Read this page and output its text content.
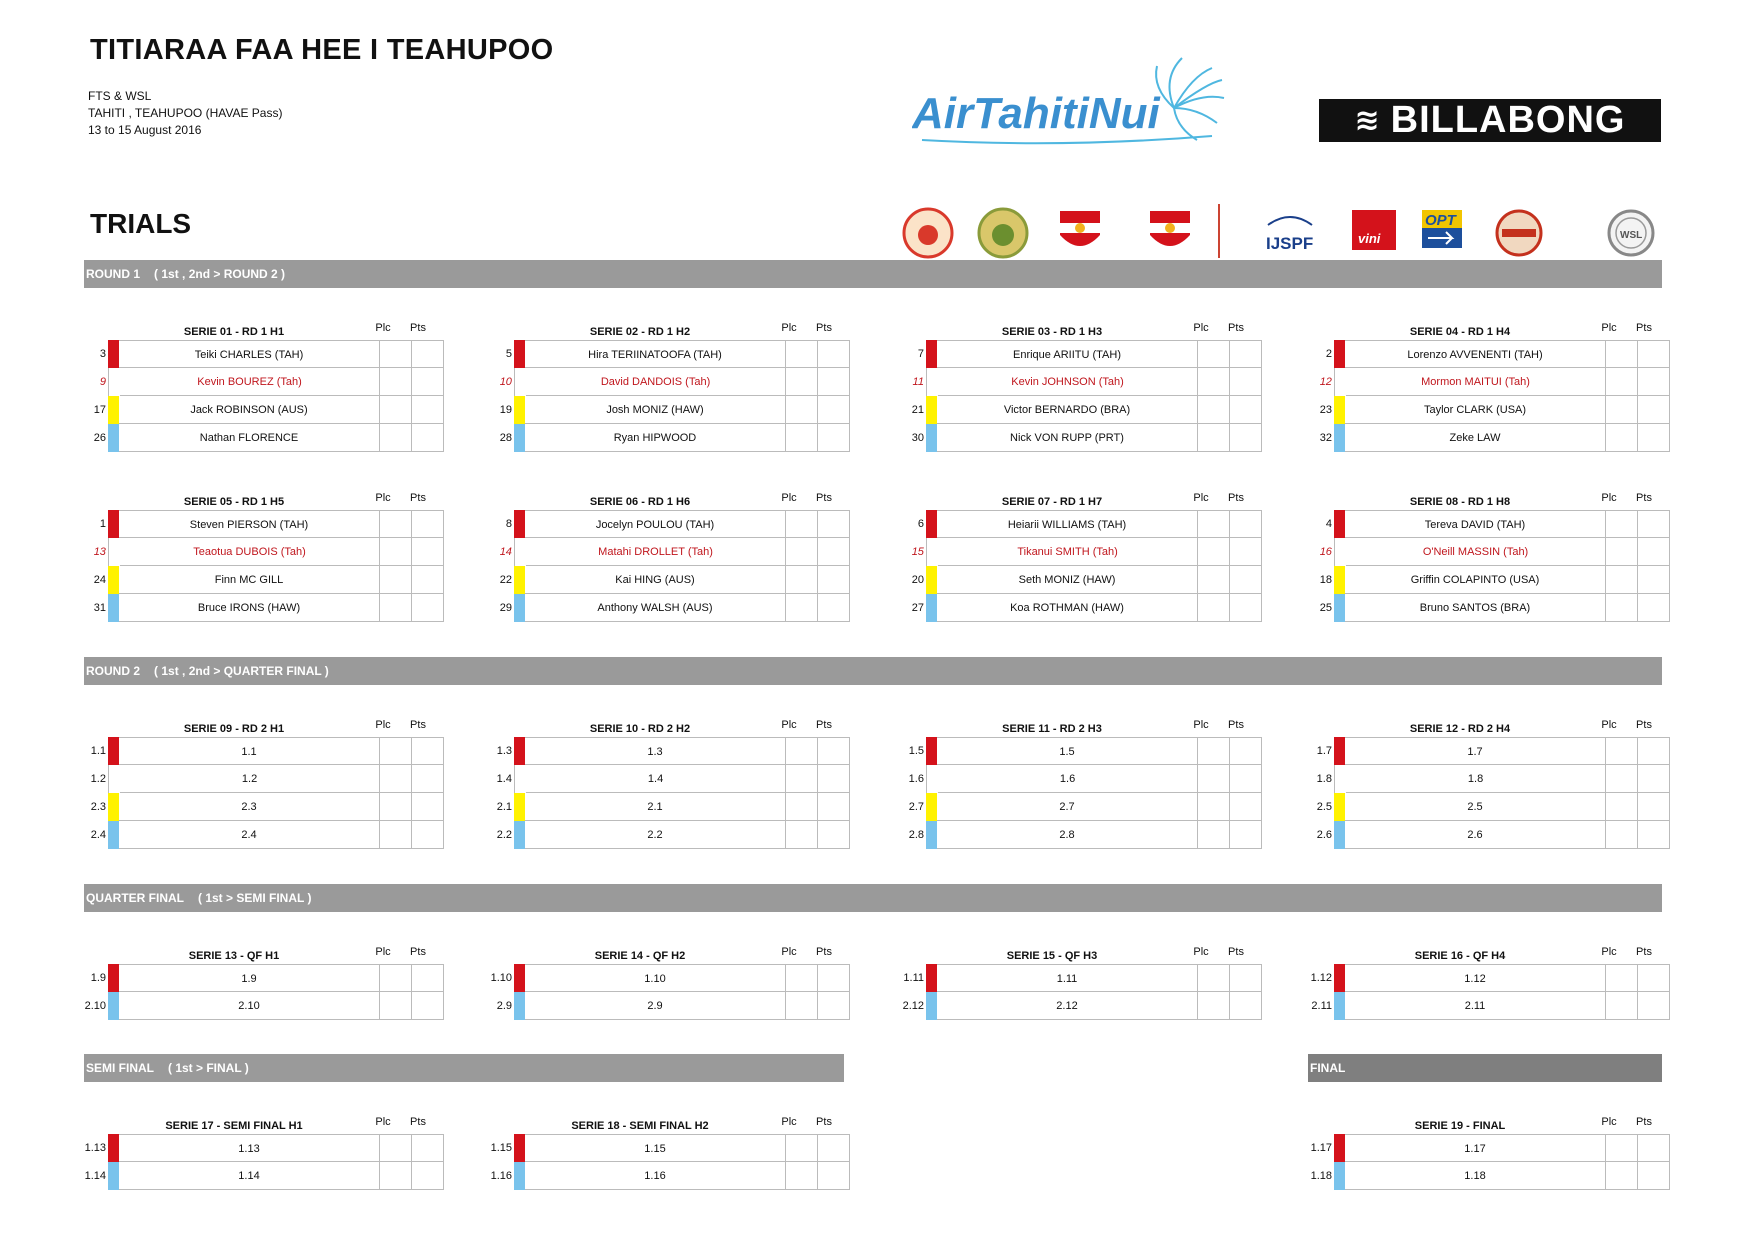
TITIARAA FAA HEE I TEAHUPOO
FTS & WSL
TAHITI , TEAHUPOO (HAVAE Pass)
13 to 15 August 2016
TRIALS
AirTahitiNui	≋ BILLABONG
IJSPF	vini
OPT
WSL
ROUND 1 ( 1st , 2nd > ROUND 2 )
ROUND 2 ( 1st , 2nd > QUARTER FINAL )
QUARTER FINAL ( 1st > SEMI FINAL )
SEMI FINAL ( 1st > FINAL )	FINAL
SERIE 01 - RD 1 H1	Plc	Pts
3	Teiki CHARLES (TAH)
9	Kevin BOUREZ (Tah)
17	Jack ROBINSON (AUS)
26	Nathan FLORENCE
SERIE 02 - RD 1 H2	Plc	Pts
5	Hira TERIINATOOFA (TAH)
10	David DANDOIS (Tah)
19	Josh MONIZ (HAW)
28	Ryan HIPWOOD
SERIE 03 - RD 1 H3	Plc	Pts
7	Enrique ARIITU (TAH)
11	Kevin JOHNSON (Tah)
21	Victor BERNARDO (BRA)
30	Nick VON RUPP (PRT)
SERIE 04 - RD 1 H4	Plc	Pts
2	Lorenzo AVVENENTI (TAH)
12	Mormon MAITUI (Tah)
23	Taylor CLARK (USA)
32	Zeke LAW
SERIE 05 - RD 1 H5	Plc	Pts
1	Steven PIERSON (TAH)
13	Teaotua DUBOIS (Tah)
24	Finn MC GILL
31	Bruce IRONS (HAW)
SERIE 06 - RD 1 H6	Plc	Pts
8	Jocelyn POULOU (TAH)
14	Matahi DROLLET (Tah)
22	Kai HING (AUS)
29	Anthony WALSH (AUS)
SERIE 07 - RD 1 H7	Plc	Pts
6	Heiarii WILLIAMS (TAH)
15	Tikanui SMITH (Tah)
20	Seth MONIZ (HAW)
27	Koa ROTHMAN (HAW)
SERIE 08 - RD 1 H8	Plc	Pts
4	Tereva DAVID (TAH)
16	O'Neill MASSIN (Tah)
18	Griffin COLAPINTO (USA)
25	Bruno SANTOS (BRA)
SERIE 09 - RD 2 H1	Plc	Pts
1.1	1.1
1.2	1.2
2.3	2.3
2.4	2.4
SERIE 10 - RD 2 H2	Plc	Pts
1.3	1.3
1.4	1.4
2.1	2.1
2.2	2.2
SERIE 11 - RD 2 H3	Plc	Pts
1.5	1.5
1.6	1.6
2.7	2.7
2.8	2.8
SERIE 12 - RD 2 H4	Plc	Pts
1.7	1.7
1.8	1.8
2.5	2.5
2.6	2.6
SERIE 13 - QF H1	Plc	Pts
1.9	1.9
2.10	2.10
SERIE 14 - QF H2	Plc	Pts
1.10	1.10
2.9	2.9
SERIE 15 - QF H3	Plc	Pts
1.11	1.11
2.12	2.12
SERIE 16 - QF H4	Plc	Pts
1.12	1.12
2.11	2.11
SERIE 17 - SEMI FINAL H1	Plc	Pts
1.13	1.13
1.14	1.14
SERIE 18 - SEMI FINAL H2	Plc	Pts
1.15	1.15
1.16	1.16
SERIE 19 - FINAL	Plc	Pts
1.17	1.17
1.18	1.18
